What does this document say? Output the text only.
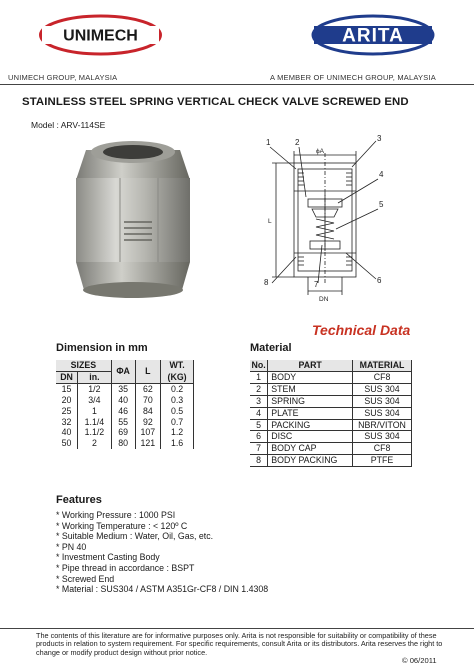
UNIMECH	ARITA
UNIMECH GROUP, MALAYSIA	A MEMBER OF UNIMECH GROUP, MALAYSIA
STAINLESS STEEL SPRING VERTICAL CHECK VALVE SCREWED END
Model : ARV-114SE
1	2	3
4
5
6
7
8
ϕA
L
DN
Technical Data
Dimension in mm
SIZES		ΦA	L	WT.
DN	in.			(KG)
15	1/2	35	62	0.2
20	3/4	40	70	0.3
25	1	46	84	0.5
32	1.1/4	55	92	0.7
40	1.1/2	69	107	1.2
50	2	80	121	1.6
Material
No.	PART	MATERIAL
1	BODY	CF8
2	STEM	SUS 304
3	SPRING	SUS 304
4	PLATE	SUS 304
5	PACKING	NBR/VITON
6	DISC	SUS 304
7	BODY CAP	CF8
8	BODY PACKING	PTFE
Features
* Working Pressure : 1000 PSI
* Working Temperature : < 120º C
* Suitable Medium : Water, Oil, Gas, etc.
* PN 40
* Investment Casting Body
* Pipe thread in accordance : BSPT
* Screwed End
* Material : SUS304 / ASTM A351Gr-CF8 / DIN 1.4308
The contents of this literature are for informative purposes only. Arita is not responsible for suitability or compatibility of these products in relation to system requirement. For specific requirements, consult Arita or its distributors. Arita reserves the right to change or modify product design without prior notice.
© 06/2011
